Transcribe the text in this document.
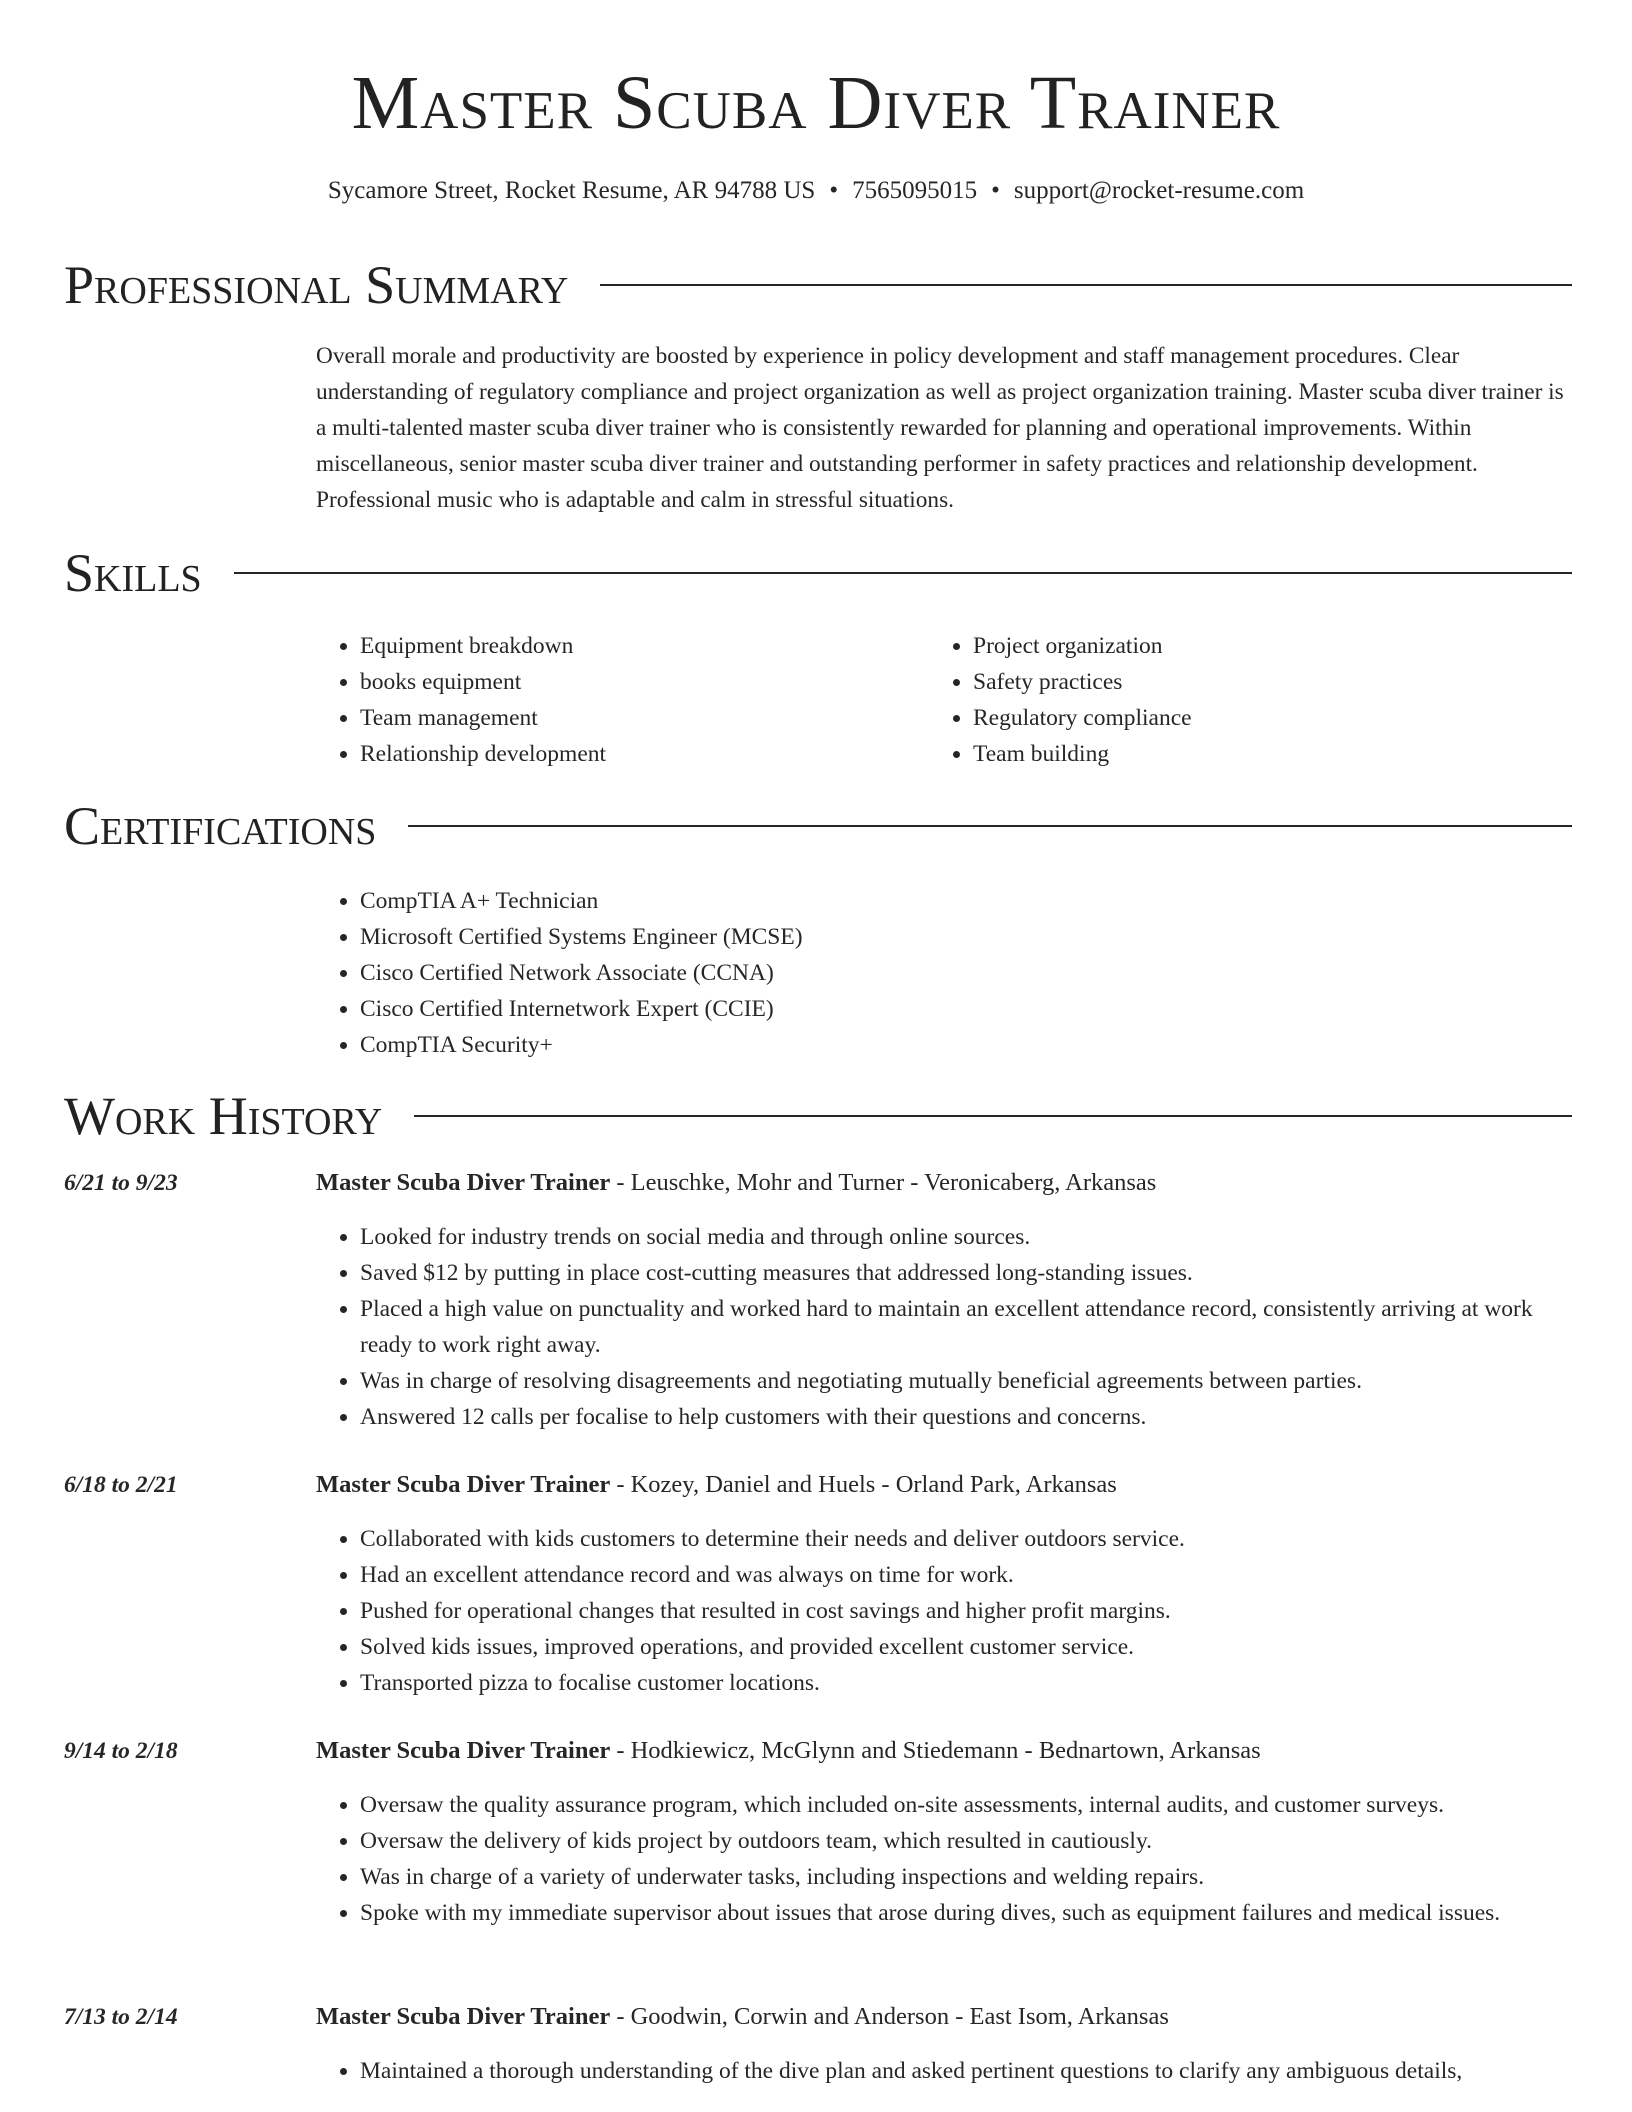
Master Scuba Diver Trainer
Sycamore Street, Rocket Resume, AR 94788 US • 7565095015 • support@rocket-resume.com
Professional Summary

Overall morale and productivity are boosted by experience in policy development and staff management procedures. Clear understanding of regulatory compliance and project organization as well as project organization training. Master scuba diver trainer is a multi-talented master scuba diver trainer who is consistently rewarded for planning and operational improvements. Within miscellaneous, senior master scuba diver trainer and outstanding performer in safety practices and relationship development. Professional music who is adaptable and calm in stressful situations.

Skills
• Equipment breakdown
• books equipment
• Team management
• Relationship development
• Project organization
• Safety practices
• Regulatory compliance
• Team building
Certifications
• CompTIA A+ Technician
• Microsoft Certified Systems Engineer (MCSE)
• Cisco Certified Network Associate (CCNA)
• Cisco Certified Internetwork Expert (CCIE)
• CompTIA Security+
Work History
6/21 to 9/23	Master Scuba Diver Trainer - Leuschke, Mohr and Turner - Veronicaberg, Arkansas
• Looked for industry trends on social media and through online sources.
• Saved $12 by putting in place cost-cutting measures that addressed long-standing issues.
• Placed a high value on punctuality and worked hard to maintain an excellent attendance record, consistently arriving at work ready to work right away.
• Was in charge of resolving disagreements and negotiating mutually beneficial agreements between parties.
• Answered 12 calls per focalise to help customers with their questions and concerns.
6/18 to 2/21	Master Scuba Diver Trainer - Kozey, Daniel and Huels - Orland Park, Arkansas
• Collaborated with kids customers to determine their needs and deliver outdoors service.
• Had an excellent attendance record and was always on time for work.
• Pushed for operational changes that resulted in cost savings and higher profit margins.
• Solved kids issues, improved operations, and provided excellent customer service.
• Transported pizza to focalise customer locations.
9/14 to 2/18	Master Scuba Diver Trainer - Hodkiewicz, McGlynn and Stiedemann - Bednartown, Arkansas
• Oversaw the quality assurance program, which included on-site assessments, internal audits, and customer surveys.
• Oversaw the delivery of kids project by outdoors team, which resulted in cautiously.
• Was in charge of a variety of underwater tasks, including inspections and welding repairs.
• Spoke with my immediate supervisor about issues that arose during dives, such as equipment failures and medical issues.
7/13 to 2/14	Master Scuba Diver Trainer - Goodwin, Corwin and Anderson - East Isom, Arkansas
• Maintained a thorough understanding of the dive plan and asked pertinent questions to clarify any ambiguous details,
